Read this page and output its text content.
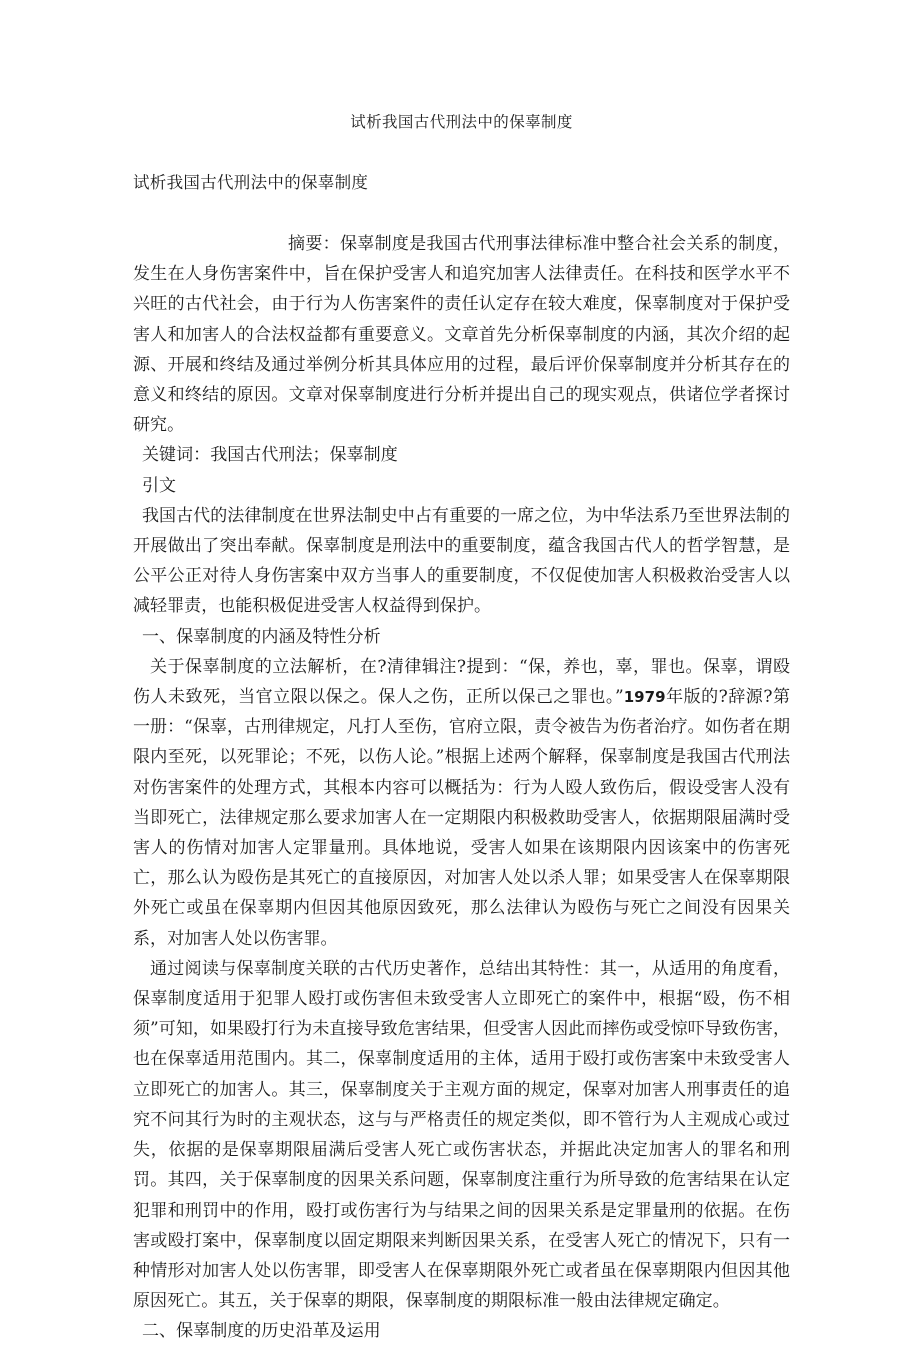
试析我国古代刑法中的保辜制度
试析我国古代刑法中的保辜制度

摘要：保辜制度是我国古代刑事法律标准中整合社会关系的制度，发生在人身伤害案件中，旨在保护受害人和追究加害人法律责任。在科技和医学水平不兴旺的古代社会，由于行为人伤害案件的责任认定存在较大难度，保辜制度对于保护受害人和加害人的合法权益都有重要意义。文章首先分析保辜制度的内涵，其次介绍的起源、开展和终结及通过举例分析其具体应用的过程，最后评价保辜制度并分析其存在的意义和终结的原因。文章对保辜制度进行分析并提出自己的现实观点，供诸位学者探讨研究。

关键词：我国古代刑法；保辜制度

引文

我国古代的法律制度在世界法制史中占有重要的一席之位，为中华法系乃至世界法制的开展做出了突出奉献。保辜制度是刑法中的重要制度，蕴含我国古代人的哲学智慧，是公平公正对待人身伤害案中双方当事人的重要制度，不仅促使加害人积极救治受害人以减轻罪责，也能积极促进受害人权益得到保护。

一、保辜制度的内涵及特性分析

关于保辜制度的立法解析，在?清律辑注?提到：“保，养也，辜，罪也。保辜，谓殴伤人未致死，当官立限以保之。保人之伤，正所以保己之罪也。”1979年版的?辞源?第一册：“保辜，古刑律规定，凡打人至伤，官府立限，责令被告为伤者治疗。如伤者在期限内至死，以死罪论；不死，以伤人论。”根据上述两个解释，保辜制度是我国古代刑法对伤害案件的处理方式，其根本内容可以概括为：行为人殴人致伤后，假设受害人没有当即死亡，法律规定那么要求加害人在一定期限内积极救助受害人，依据期限届满时受害人的伤情对加害人定罪量刑。具体地说，受害人如果在该期限内因该案中的伤害死亡，那么认为殴伤是其死亡的直接原因，对加害人处以杀人罪；如果受害人在保辜期限外死亡或虽在保辜期内但因其他原因致死，那么法律认为殴伤与死亡之间没有因果关系，对加害人处以伤害罪。

通过阅读与保辜制度关联的古代历史著作，总结出其特性：其一，从适用的角度看，保辜制度适用于犯罪人殴打或伤害但未致受害人立即死亡的案件中，根据“殴，伤不相须”可知，如果殴打行为未直接导致危害结果，但受害人因此而摔伤或受惊吓导致伤害，也在保辜适用范围内。其二，保辜制度适用的主体，适用于殴打或伤害案中未致受害人立即死亡的加害人。其三，保辜制度关于主观方面的规定，保辜对加害人刑事责任的追究不问其行为时的主观状态，这与与严格责任的规定类似，即不管行为人主观成心或过失，依据的是保辜期限届满后受害人死亡或伤害状态，并据此决定加害人的罪名和刑罚。其四，关于保辜制度的因果关系问题，保辜制度注重行为所导致的危害结果在认定犯罪和刑罚中的作用，殴打或伤害行为与结果之间的因果关系是定罪量刑的依据。在伤害或殴打案中，保辜制度以固定期限来判断因果关系，在受害人死亡的情况下，只有一种情形对加害人处以伤害罪，即受害人在保辜期限外死亡或者虽在保辜期限内但因其他原因死亡。其五，关于保辜的期限，保辜制度的期限标准一般由法律规定确定。

二、保辜制度的历史沿革及运用
